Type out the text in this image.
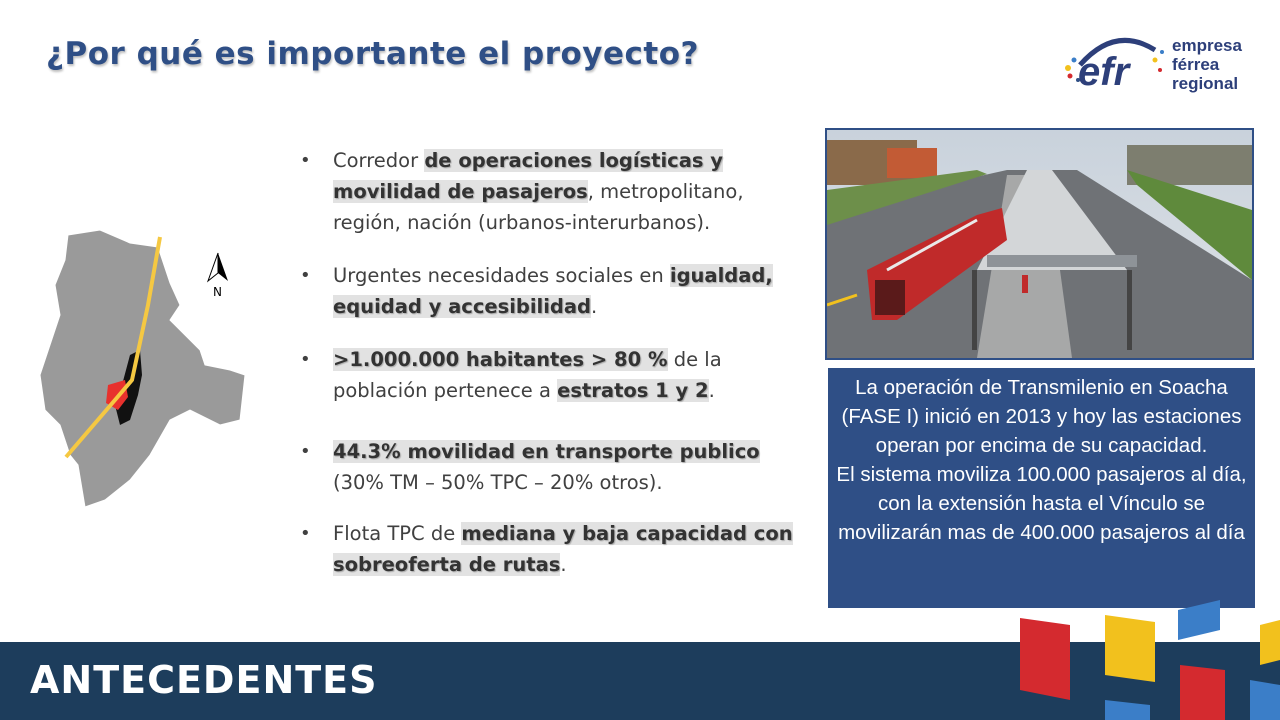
¿Por qué es importante el proyecto?	efr
empresa
férrea
regional
N
• Corredor de operaciones logísticas y movilidad de pasajeros, metropolitano, región, nación (urbanos-interurbanos).
• Urgentes necesidades sociales en igualdad, equidad y accesibilidad.
• >1.000.000 habitantes > 80 % de la población pertenece a estratos 1 y 2.
• 44.3% movilidad en transporte publico (30% TM – 50% TPC – 20% otros).
• Flota TPC de mediana y baja capacidad con sobreoferta de rutas.
La operación de Transmilenio en Soacha (FASE I) inició en 2013 y hoy las estaciones operan por encima de su capacidad.
El sistema moviliza 100.000 pasajeros al día, con la extensión hasta el Vínculo se movilizarán mas de 400.000 pasajeros al día
ANTECEDENTES
